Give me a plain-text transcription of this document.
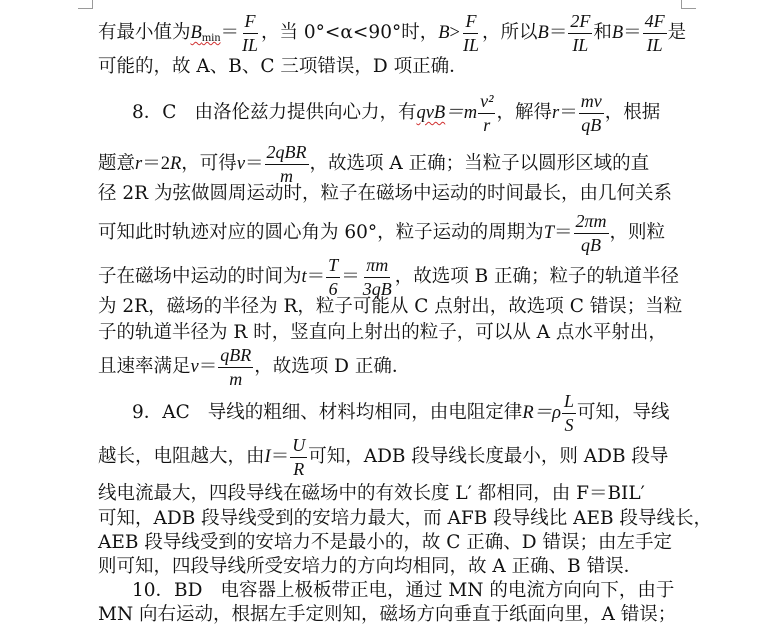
有最小值为 $B_{min} = \frac{F}{IL}$ ，当 0°<α<90°时， $B > \frac{F}{IL}$ ，所以 $B = \frac{2F}{IL}$ 和 $B = \frac{4F}{IL}$ 是
可能的，故 A、B、C 三项错误，D 项正确．
8．C 由洛伦兹力提供向心力，有 qvB $=m \frac{\text{v²}}{r}$ ，解得 $r = \frac{mv}{qB}$ ，根据
题意 r ＝2 R ，可得 $v = \frac{\text{2qBR}}{m}$ ，故选项 A 正确；当粒子以圆形区域的直
径 2R 为弦做圆周运动时，粒子在磁场中运动的时间最长，由几何关系
可知此时轨迹对应的圆心角为 60°，粒子运动的周期为 $T = \frac{2\pi m}{qB}$ ，则粒
子在磁场中运动的时间为 $t = \frac{T}{6} = \frac{\pi m}{3qB}$ ，故选项 B 正确；粒子的轨道半径
为 2R，磁场的半径为 R，粒子可能从 C 点射出，故选项 C 错误；当粒
子的轨道半径为 R 时，竖直向上射出的粒子，可以从 A 点水平射出，
且速率满足 $v = \frac{\text{qBR}}{m}$ ，故选项 D 正确．
9．AC 导线的粗细、材料均相同，由电阻定律 $R =\rho \frac{L}{S}$ 可知，导线
越长，电阻越大，由 $I = \frac{U}{R}$ 可知，ADB 段导线长度最小，则 ADB 段导
线电流最大，四段导线在磁场中的有效长度 L′ 都相同，由 F＝BIL′
可知，ADB 段导线受到的安培力最大，而 AFB 段导线比 AEB 段导线长，
AEB 段导线受到的安培力不是最小的，故 C 正确、D 错误；由左手定
则可知，四段导线所受安培力的方向均相同，故 A 正确、B 错误．
10．BD 电容器上极板带正电，通过 MN 的电流方向向下，由于
MN 向右运动，根据左手定则知，磁场方向垂直于纸面向里，A 错误；
